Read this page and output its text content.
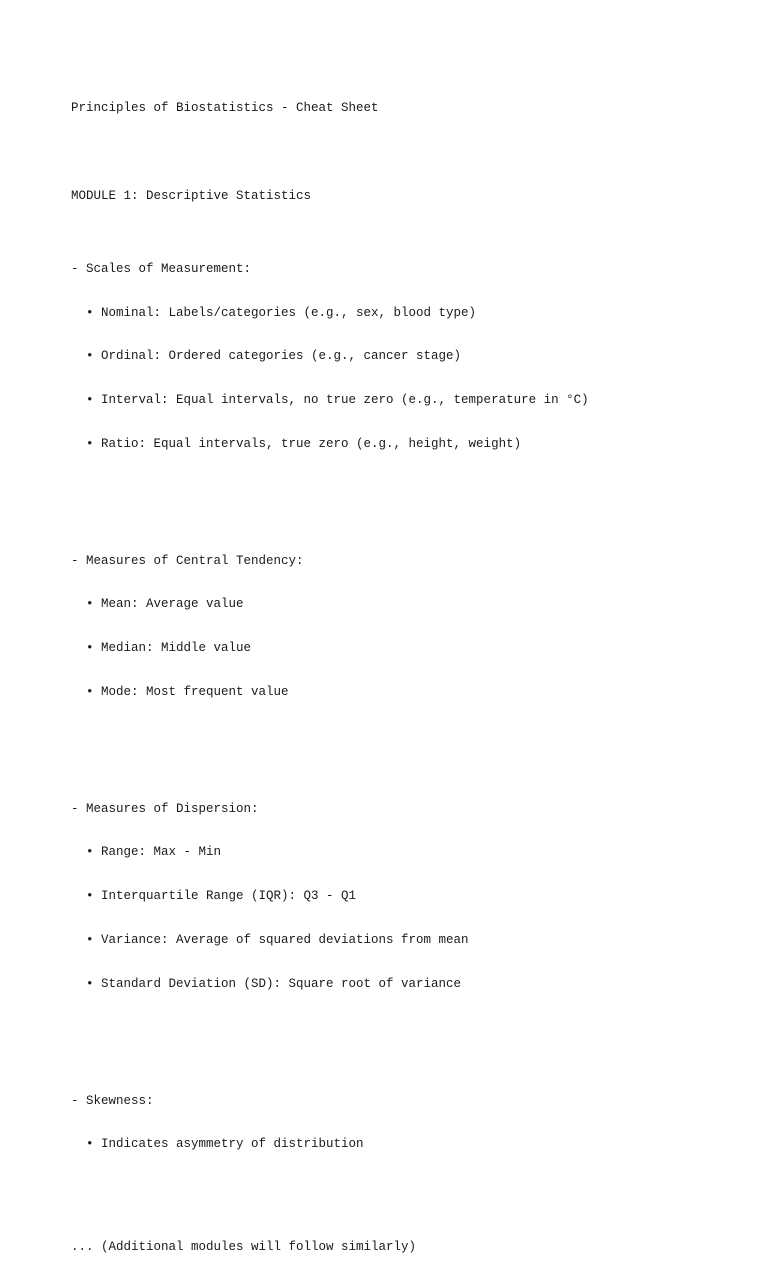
Principles of Biostatistics - Cheat Sheet

MODULE 1: Descriptive Statistics

- Scales of Measurement:

• Nominal: Labels/categories (e.g., sex, blood type)

• Ordinal: Ordered categories (e.g., cancer stage)

• Interval: Equal intervals, no true zero (e.g., temperature in °C)

• Ratio: Equal intervals, true zero (e.g., height, weight)

- Measures of Central Tendency:

• Mean: Average value

• Median: Middle value

• Mode: Most frequent value

- Measures of Dispersion:

• Range: Max - Min

• Interquartile Range (IQR): Q3 - Q1

• Variance: Average of squared deviations from mean

• Standard Deviation (SD): Square root of variance

- Skewness:

• Indicates asymmetry of distribution

... (Additional modules will follow similarly)
